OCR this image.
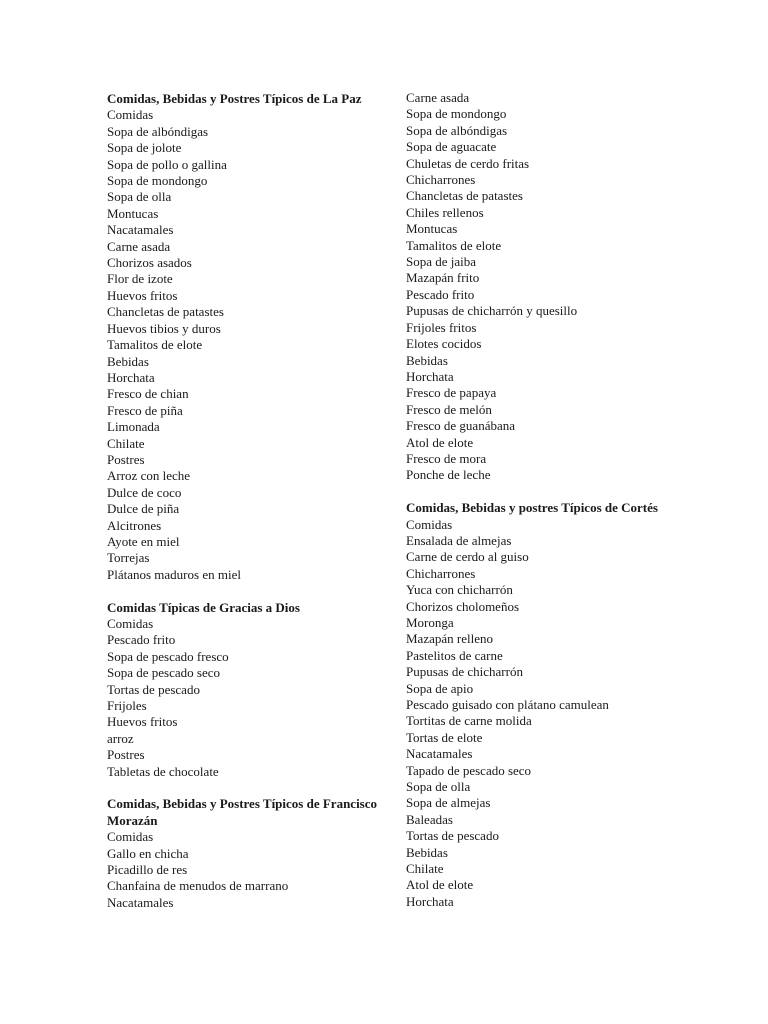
Comidas, Bebidas y Postres Típicos de La Paz
Comidas
Sopa de albóndigas
Sopa de jolote
Sopa de pollo o gallina
Sopa de mondongo
Sopa de olla
Montucas
Nacatamales
Carne asada
Chorizos asados
Flor de izote
Huevos fritos
Chancletas de patastes
Huevos tibios y duros
Tamalitos de elote
Bebidas
Horchata
Fresco de chian
Fresco de piña
Limonada
Chilate
Postres
Arroz con leche
Dulce de coco
Dulce de piña
Alcitrones
Ayote en miel
Torrejas
Plátanos maduros en miel
Comidas Típicas de Gracias a Dios
Comidas
Pescado frito
Sopa de pescado fresco
Sopa de pescado seco
Tortas de pescado
Frijoles
Huevos fritos
arroz
Postres
Tabletas de chocolate
Comidas, Bebidas y Postres Típicos de Francisco Morazán
Comidas
Gallo en chicha
Picadillo de res
Chanfaina de menudos de marrano
Nacatamales
Carne asada
Sopa de mondongo
Sopa de albóndigas
Sopa de aguacate
Chuletas de cerdo fritas
Chicharrones
Chancletas de patastes
Chiles rellenos
Montucas
Tamalitos de elote
Sopa de jaiba
Mazapán frito
Pescado frito
Pupusas de chicharrón y quesillo
Frijoles fritos
Elotes cocidos
Bebidas
Horchata
Fresco de papaya
Fresco de melón
Fresco de guanábana
Atol de elote
Fresco de mora
Ponche de leche
Comidas, Bebidas y postres Típicos de Cortés
Comidas
Ensalada de almejas
Carne de cerdo al guiso
Chicharrones
Yuca con chicharrón
Chorizos cholomeños
Moronga
Mazapán relleno
Pastelitos de carne
Pupusas de chicharrón
Sopa de apio
Pescado guisado con plátano camulean
Tortitas de carne molida
Tortas de elote
Nacatamales
Tapado de pescado seco
Sopa de olla
Sopa de almejas
Baleadas
Tortas de pescado
Bebidas
Chilate
Atol de elote
Horchata
